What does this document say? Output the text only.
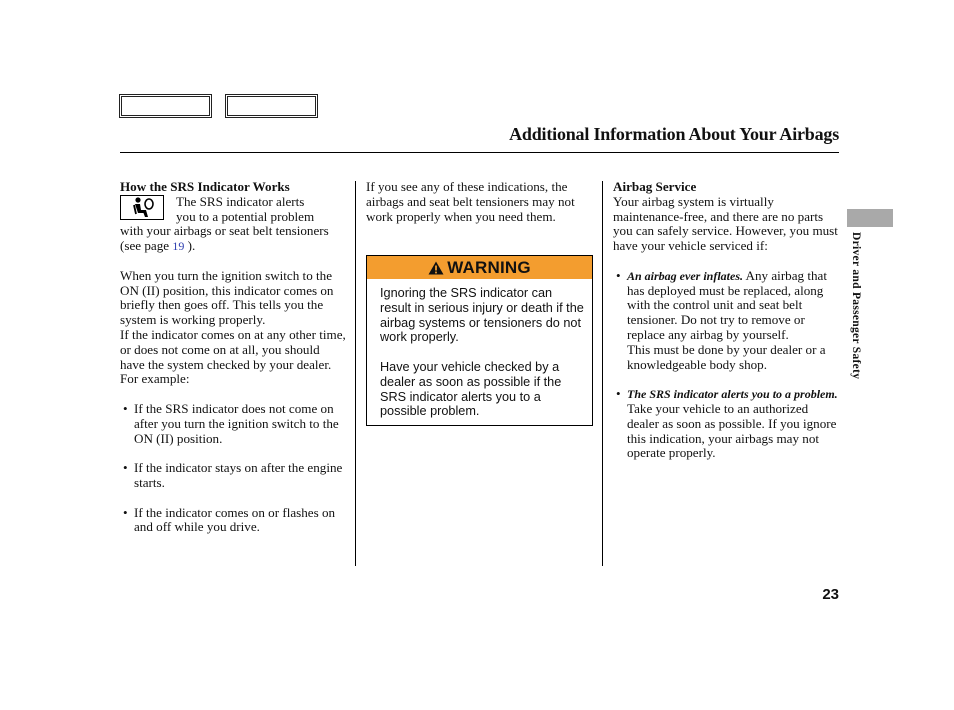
Additional Information About Your Airbags
How the SRS Indicator Works
The SRS indicator alerts
you to a potential problem
with your airbags or seat belt tensioners (see page 19 ).
When you turn the ignition switch to the ON (II) position, this indicator comes on briefly then goes off. This tells you the system is working properly.
If the indicator comes on at any other time, or does not come on at all, you should have the system checked by your dealer. For example:
• If the SRS indicator does not come on after you turn the ignition switch to the ON (II) position.
• If the indicator stays on after the engine starts.
• If the indicator comes on or flashes on and off while you drive.
If you see any of these indications, the airbags and seat belt tensioners may not work properly when you need them.
WARNING
Ignoring the SRS indicator can result in serious injury or death if the airbag systems or tensioners do not work properly.
Have your vehicle checked by a dealer as soon as possible if the SRS indicator alerts you to a possible problem.
Airbag Service
Your airbag system is virtually maintenance-free, and there are no parts you can safely service. However, you must have your vehicle serviced if:
• An airbag ever inflates. Any airbag that has deployed must be replaced, along with the control unit and seat belt tensioner. Do not try to remove or replace any airbag by yourself.
This must be done by your dealer or a knowledgeable body shop.
• The SRS indicator alerts you to a problem. Take your vehicle to an authorized dealer as soon as possible. If you ignore this indication, your airbags may not operate properly.
Driver and Passenger Safety
23
